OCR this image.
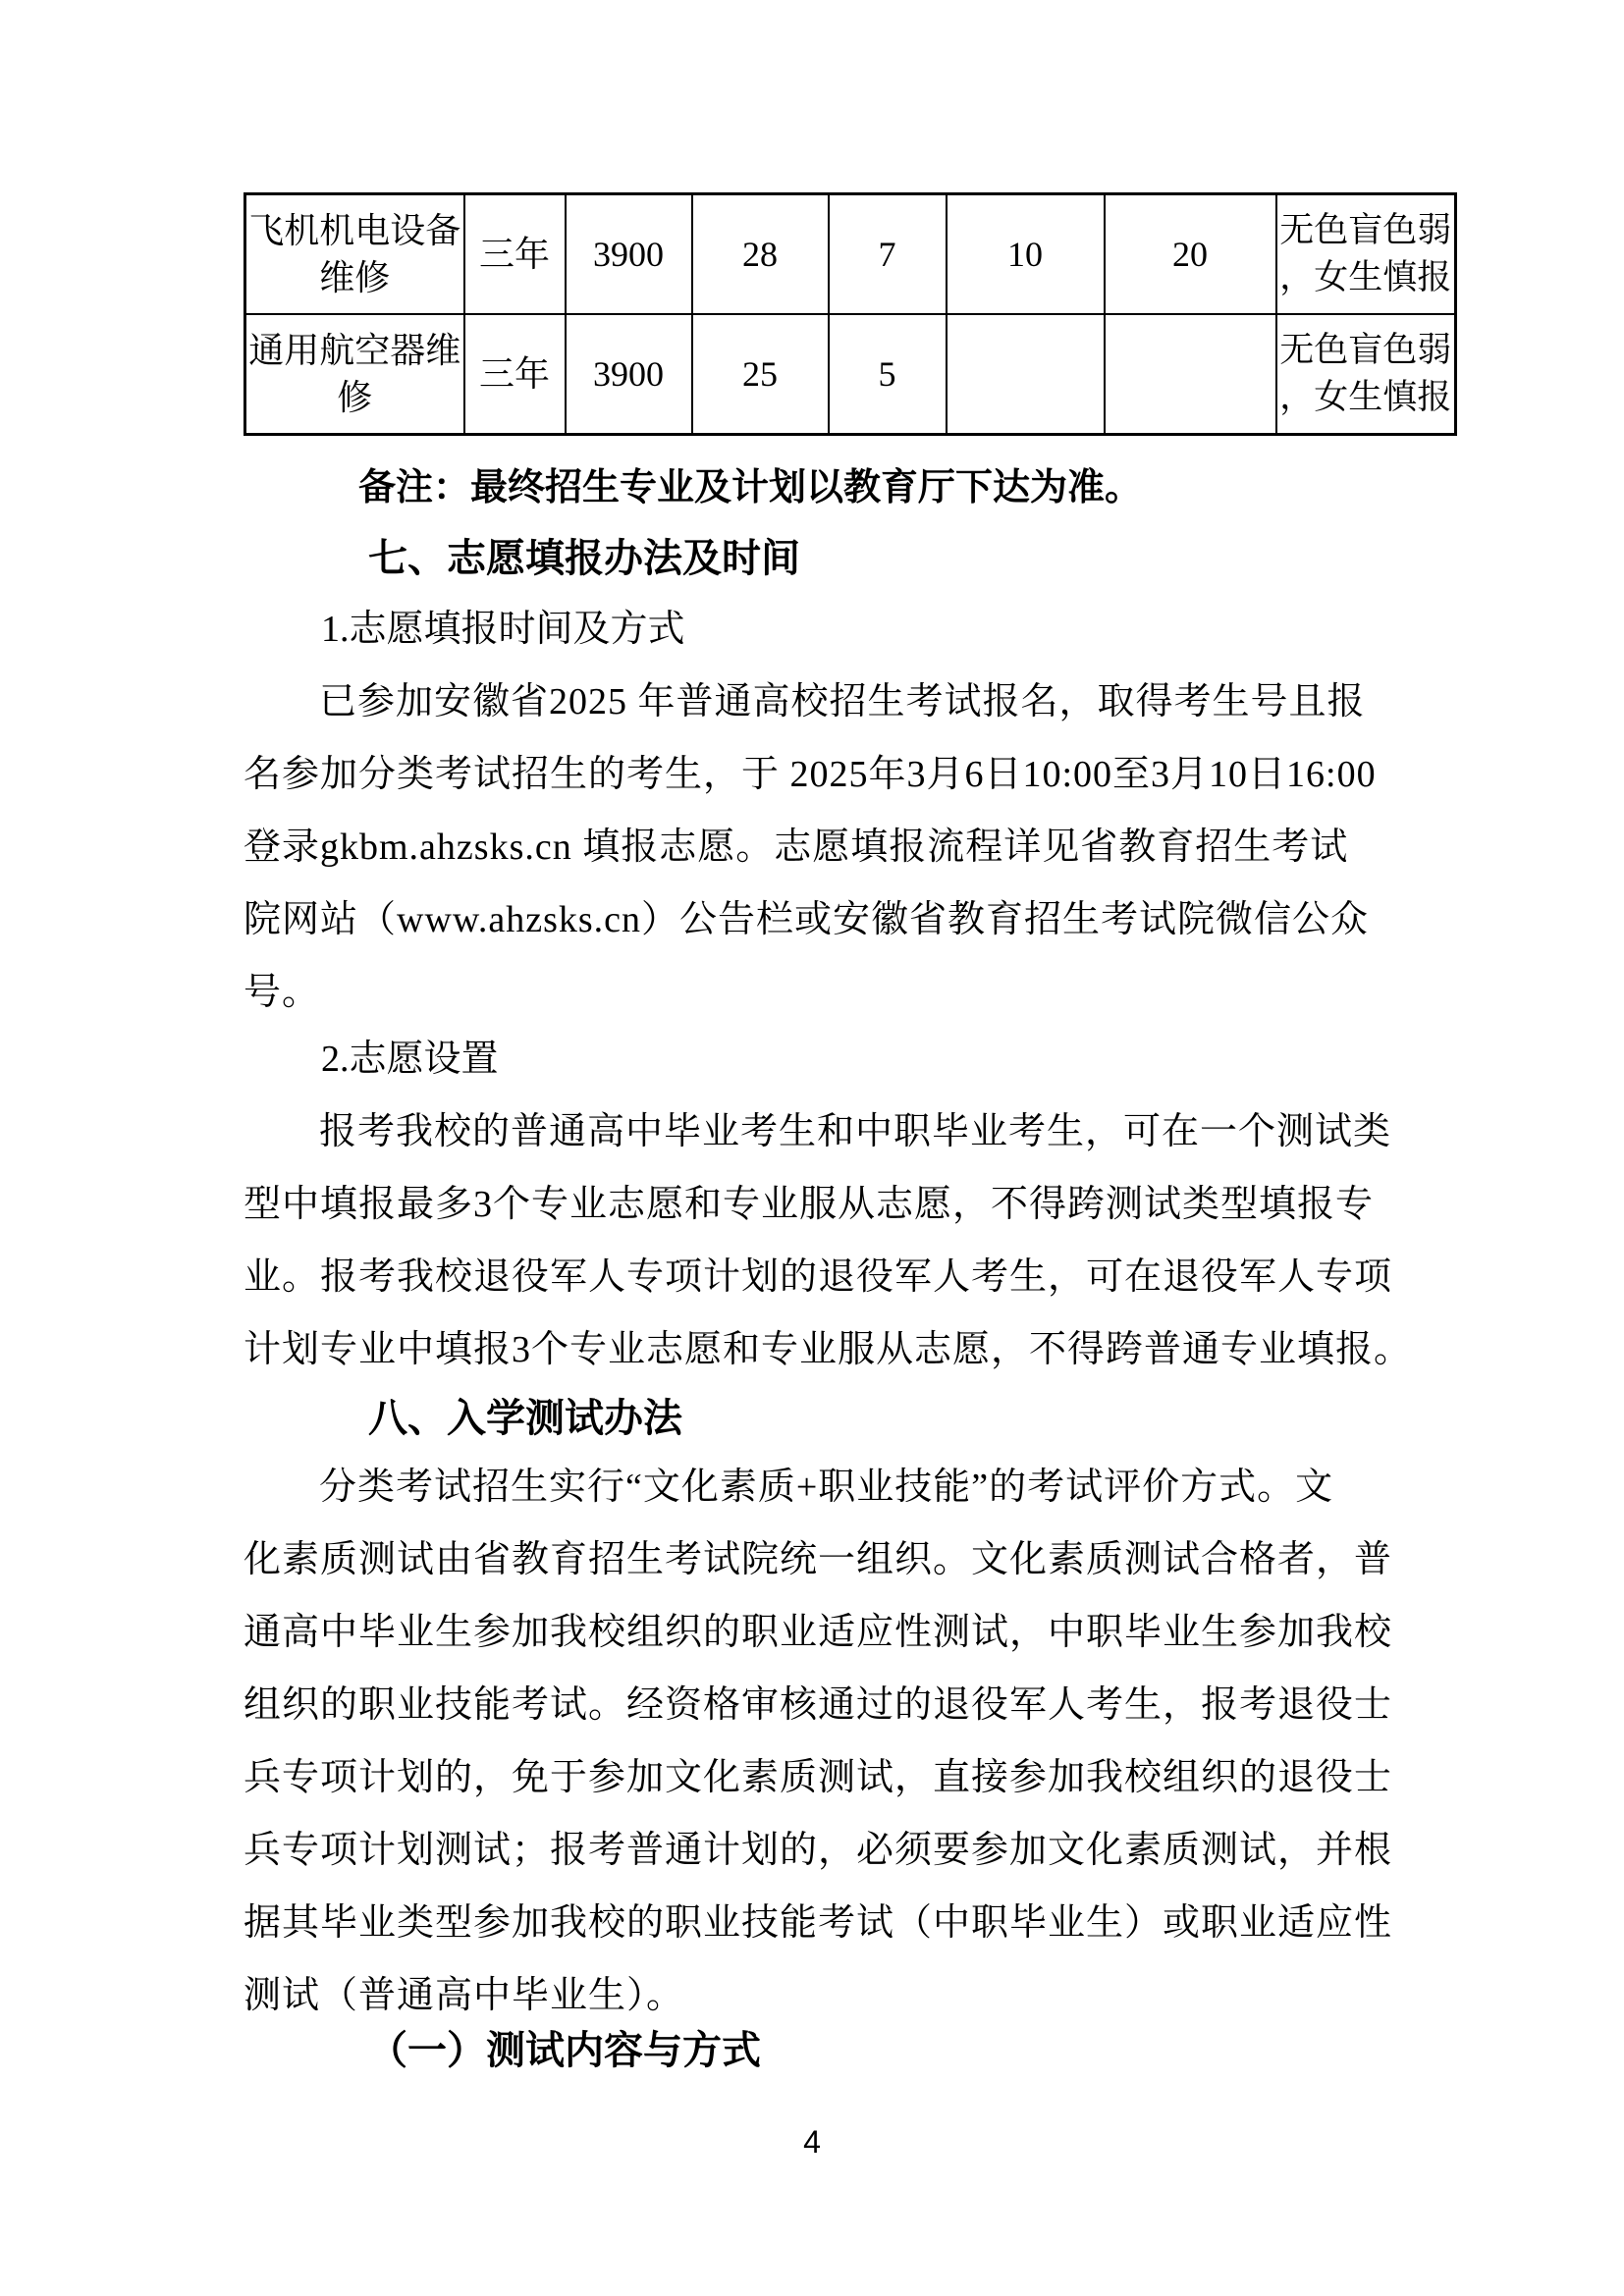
飞机机电设备维修	三年	3900	28	7	10	20	无色盲色弱，女生慎报
通用航空器维修	三年	3900	25	5			无色盲色弱，女生慎报
备注：最终招生专业及计划以教育厅下达为准。
七、志愿填报办法及时间
1.志愿填报时间及方式
已参加安徽省2025 年普通高校招生考试报名，取得考生号且报
名参加分类考试招生的考生，于 2025年3月6日10:00至3月10日16:00
登录gkbm.ahzsks.cn 填报志愿。志愿填报流程详见省教育招生考试
院网站（www.ahzsks.cn）公告栏或安徽省教育招生考试院微信公众
号。
2.志愿设置
报考我校的普通高中毕业考生和中职毕业考生，可在一个测试类
型中填报最多3个专业志愿和专业服从志愿，不得跨测试类型填报专
业。报考我校退役军人专项计划的退役军人考生，可在退役军人专项
计划专业中填报3个专业志愿和专业服从志愿，不得跨普通专业填报。
八、入学测试办法
分类考试招生实行“文化素质+职业技能”的考试评价方式。文
化素质测试由省教育招生考试院统一组织。文化素质测试合格者，普
通高中毕业生参加我校组织的职业适应性测试，中职毕业生参加我校
组织的职业技能考试。经资格审核通过的退役军人考生，报考退役士
兵专项计划的，免于参加文化素质测试，直接参加我校组织的退役士
兵专项计划测试；报考普通计划的，必须要参加文化素质测试，并根
据其毕业类型参加我校的职业技能考试（中职毕业生）或职业适应性
测试（普通高中毕业生）。
（一）测试内容与方式
4
